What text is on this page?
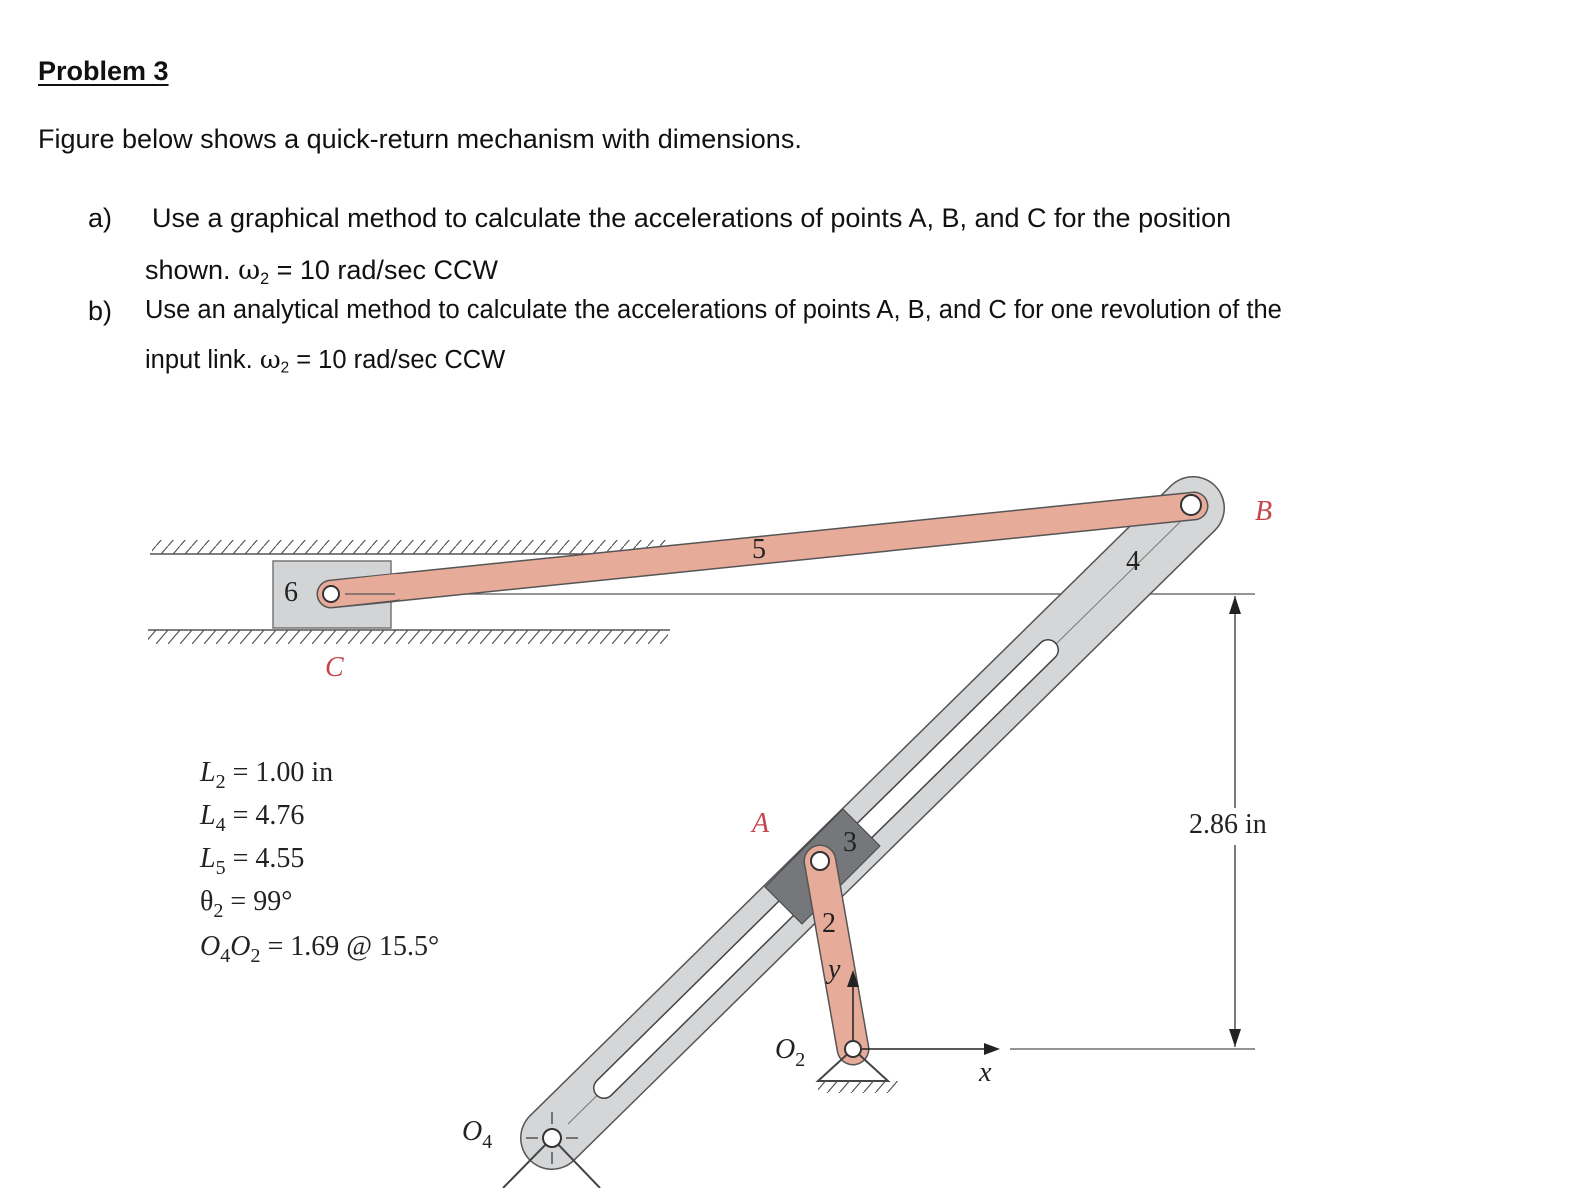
Problem 3
Figure below shows a quick-return mechanism with dimensions.
a) Use a graphical method to calculate the accelerations of points A, B, and C for the position
shown. $\omega_2 = 10$ rad/sec CCW
b) Use an analytical method to calculate the accelerations of points A, B, and C for one revolution of the
input link. $\omega_2 = 10$ rad/sec CCW
B
C
A
6
5	4
3
2
x
y
$O_2$
$O_4$
2.86 in
$L_2 = 1.00$ in
$L_4 = 4.76$
$L_5 = 4.55$
$\theta_2 = 99^\circ$
$O_4O_2 = 1.69$ @ 15.5°
